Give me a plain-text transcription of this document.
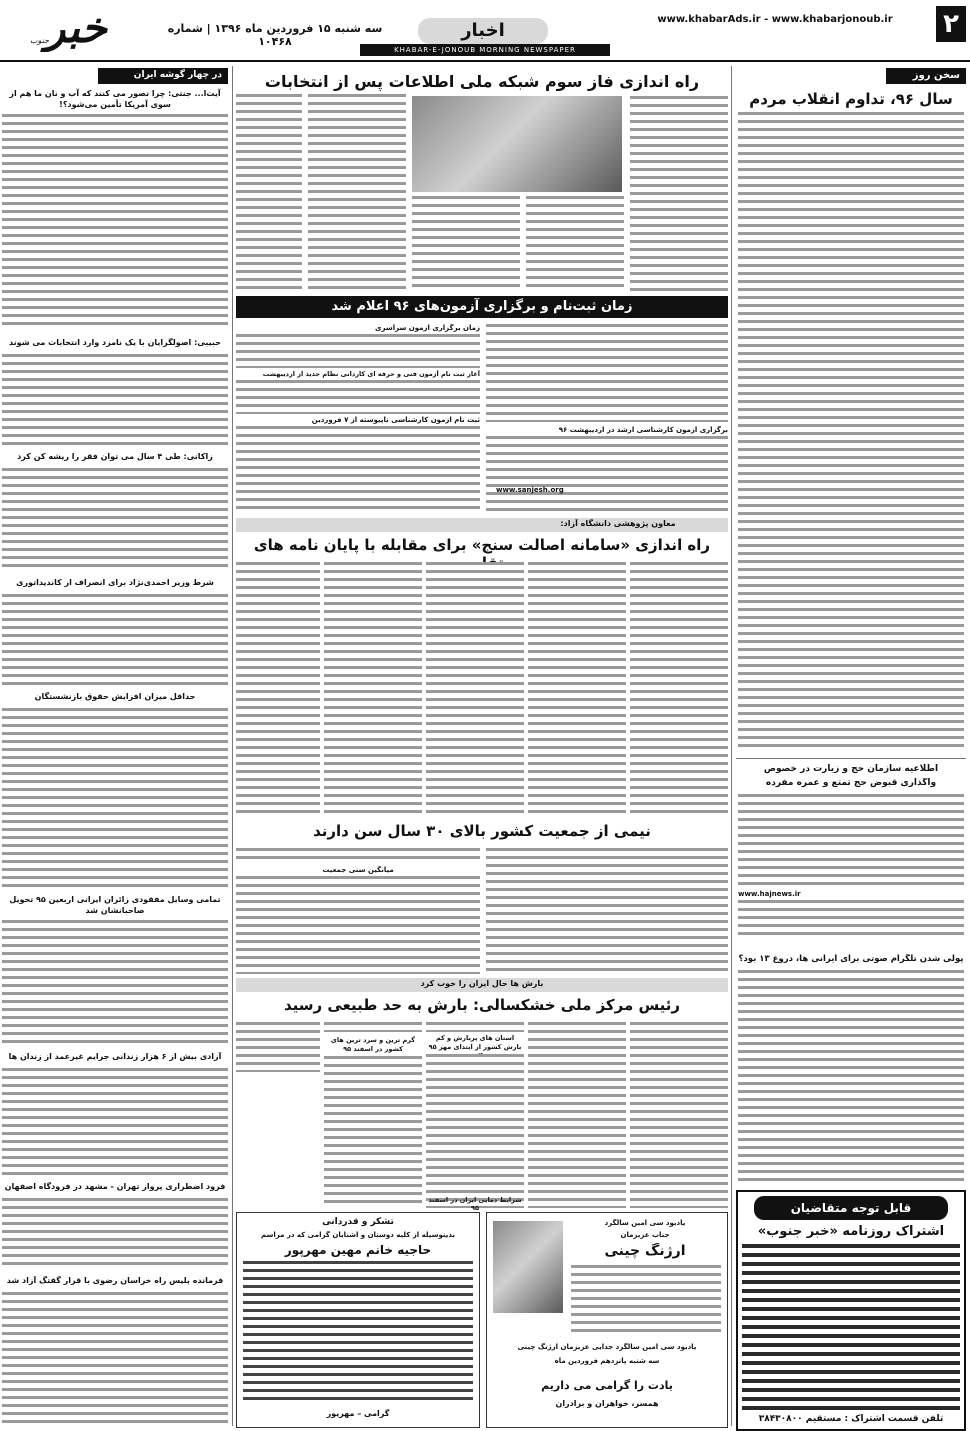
۲
www.khabarAds.ir - www.khabarjonoub.ir
اخبار
KHABAR-E-JONOUB MORNING NEWSPAPER
سه شنبه ۱۵ فروردین ماه ۱۳۹۶ | شماره ۱۰۴۶۸
خبر
جنوب
سخن روز
سال ۹۶، تداوم انقلاب مردم
اطلاعیه سازمان حج و زیارت در خصوص
واگذاری قبوض حج تمتع و عمره مفرده
www.hajnews.ir
پولی شدن تلگرام صوتی برای ایرانی ها، دروغ ۱۳ بود؟
قابل توجه متقاضیان
اشتراک روزنامه «خبر جنوب»
تلفن قسمت اشتراک : مستقیم ۳۸۴۳۰۸۰۰
در چهار گوشه ایران
آیت‌ا... جنتی: چرا تصور می کنند که آب و نان ما هم از سوی آمریکا تأمین می‌شود؟!
حبیبی: اصولگرایان با یک نامزد وارد انتخابات می شوند
زاکانی: طی ۴ سال می توان فقر را ریشه کن کرد
شرط وزیر احمدی‌نژاد برای انصراف از کاندیداتوری
حداقل میزان افزایش حقوق بازنشستگان
تمامی وسایل مفقودی زائران ایرانی اربعین ۹۵ تحویل صاحبانشان شد
آزادی بیش از ۶ هزار زندانی جرایم غیرعمد از زندان ها
فرود اضطراری پرواز تهران - مشهد در فرودگاه اصفهان
فرمانده پلیس راه خراسان رضوی با قرار گفتگ آزاد شد
راه اندازی فاز سوم شبکه ملی اطلاعات پس از انتخابات
زمان ثبت‌نام و برگزاری آزمون‌های ۹۶ اعلام شد
برگزاری آزمون کارشناسی ارشد در اردیبهشت ۹۶
www.sanjesh.org
زمان برگزاری آزمون سراسری
آغاز ثبت نام آزمون فنی و حرفه ای کاردانی نظام جدید از اردیبهشت
ثبت نام آزمون کارشناسی ناپیوسته از ۷ فروردین
معاون پژوهشی دانشگاه آزاد:
راه اندازی «سامانه اصالت سنج» برای مقابله با پایان نامه های
نیمی از جمعیت کشور بالای ۳۰ سال سن دارند
میانگین سنی جمعیت
بارش ها حال ایران را خوب کرد
رئیس مرکز ملی خشکسالی: بارش به حد طبیعی رسید
استان های پربارش و کم بارش کشور از ابتدای مهر ۹۵
گرم ترین و سرد ترین های کشور در اسفند ۹۵
شرایط دمایی ایران در اسفند ۹۵
یادبود سی امین سالگرد
جناب عزیزمان
ارژنگ چینی
یادبود سی امین سالگرد جدایی عزیزمان ارژنگ چینی
سه شنبه پانزدهم فروردین ماه
یادت را گرامی می داریم
همسر، خواهران و برادران
تشکر و قدردانی
بدینوسیله از کلیه دوستان و آشنایان گرامی که در مراسم
حاجیه خانم مهین مهرپور
گرامی – مهرپور
